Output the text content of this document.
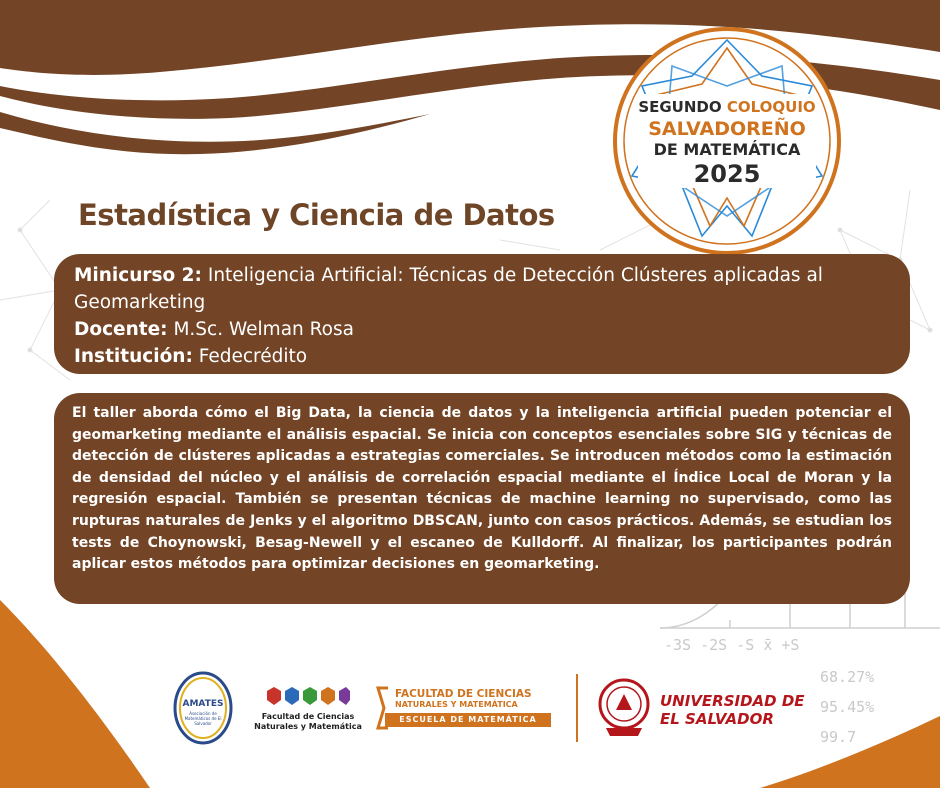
SEGUNDO COLOQUIO
SALVADOREÑO
DE MATEMÁTICA
2025
Estadística y Ciencia de Datos
Minicurso 2: Inteligencia Artificial: Técnicas de Detección Clústeres aplicadas al Geomarketing
Docente: M.Sc. Welman Rosa
Institución: Fedecrédito
El taller aborda cómo el Big Data, la ciencia de datos y la inteligencia artificial pueden potenciar el geomarketing mediante el análisis espacial. Se inicia con conceptos esenciales sobre SIG y técnicas de detección de clústeres aplicadas a estrategias comerciales. Se introducen métodos como la estimación de densidad del núcleo y el análisis de correlación espacial mediante el Índice Local de Moran y la regresión espacial. También se presentan técnicas de machine learning no supervisado, como las rupturas naturales de Jenks y el algoritmo DBSCAN, junto con casos prácticos. Además, se estudian los tests de Choynowski, Besag-Newell y el escaneo de Kulldorff. Al finalizar, los participantes podrán aplicar estos métodos para optimizar decisiones en geomarketing.
-3S -2S -S x̄ +S
68.27%
95.45%
99.7
AMATES
Asociación de Matemáticos de El Salvador
Facultad de Ciencias
Naturales y Matemática
FACULTAD DE CIENCIAS
NATURALES Y MATEMÁTICA
ESCUELA DE MATEMÁTICA
UNIVERSIDAD DE
EL SALVADOR
